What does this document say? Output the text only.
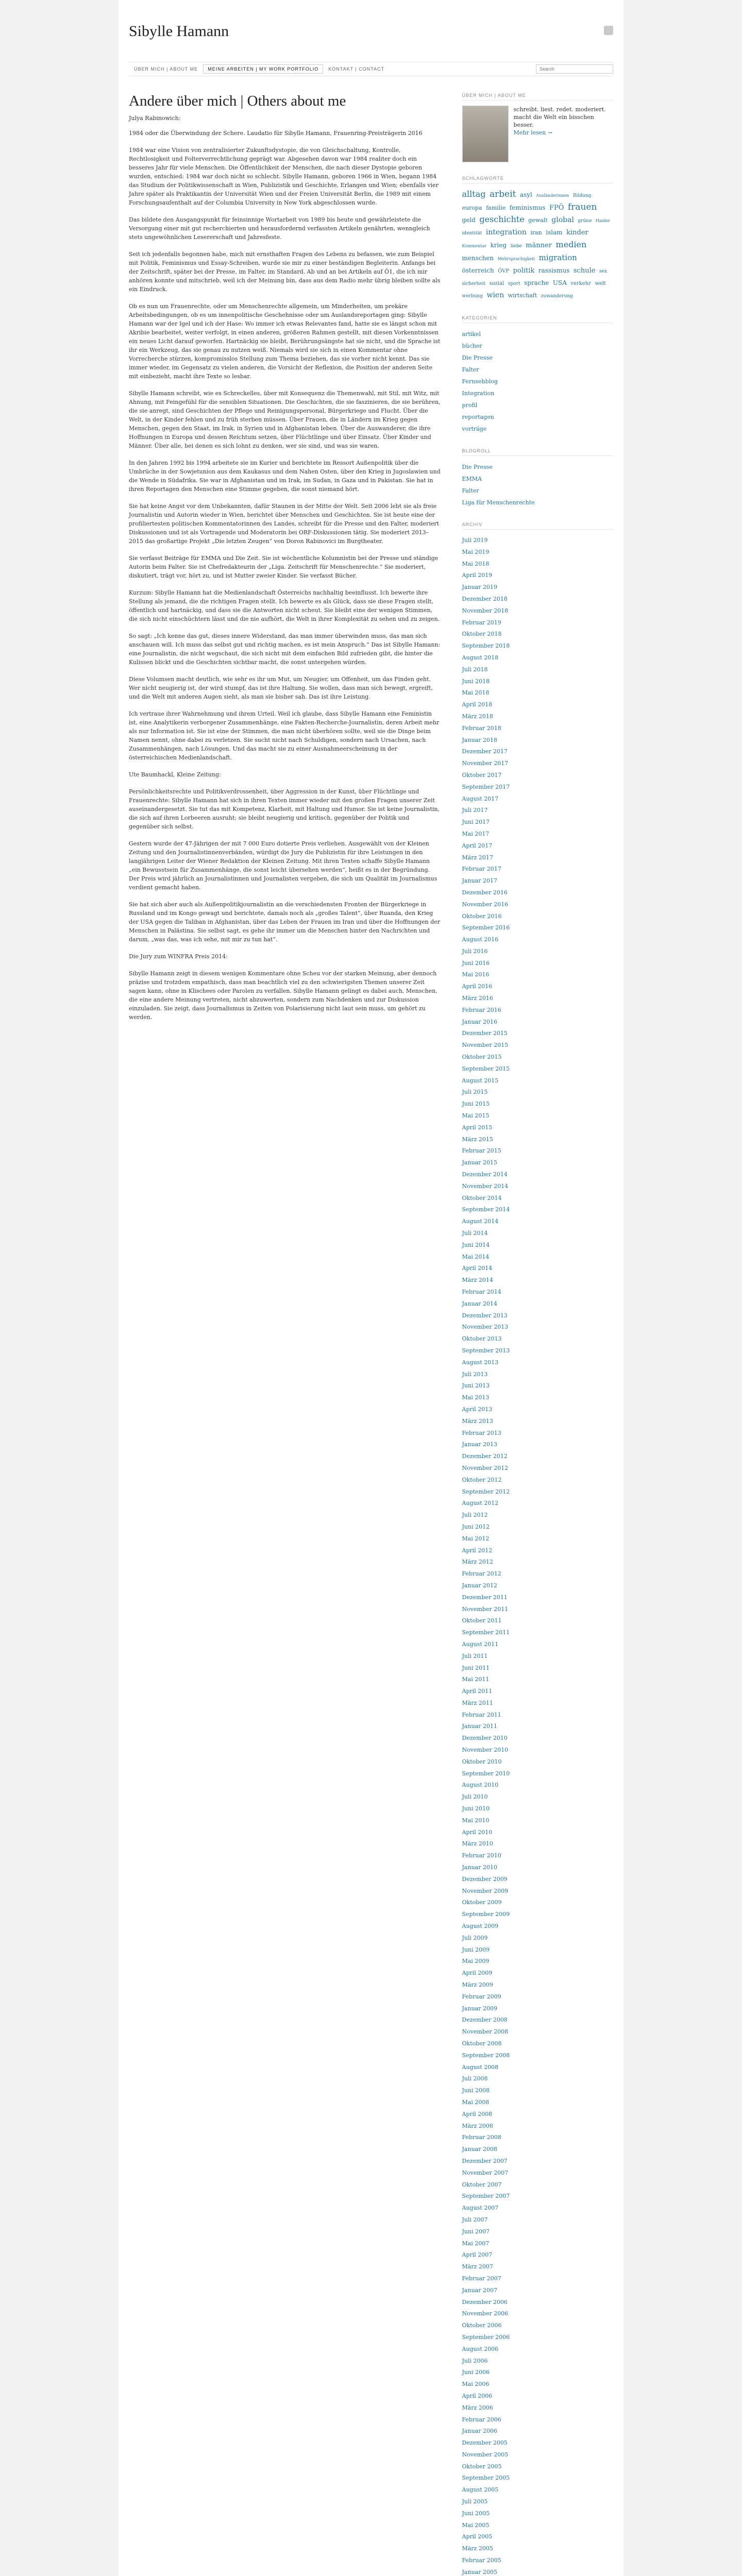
Sibylle Hamann
ÜBER MICH | ABOUT ME	MEINE ARBEITEN | MY WORK PORTFOLIO	KONTAKT | CONTACT
Search
Andere über mich | Others about me
Julya Rabinowich:

1984 oder die Überwindung der Schere. Laudatio für Sibylle Hamann, Frauenring-Preisträgerin 2016

1984 war eine Vision von zentralisierter Zukunftsdystopie, die von Gleichschaltung, Kontrolle, Rechtlosigkeit und Folterverrechtlichung geprägt war. Abgesehen davon war 1984 realiter doch ein besseres Jahr für viele Menschen. Die Öffentlichkeit der Menschen, die nach dieser Dystopie geboren wurden, entschied: 1984 war doch nicht so schlecht. Sibylle Hamann, geboren 1966 in Wien, begann 1984 das Studium der Politikwissenschaft in Wien, Publizistik und Geschichte, Erlangen und Wien; ebenfalls vier Jahre später als Praktikantin der Universität Wien und der Freien Universität Berlin, die 1989 mit einem Forschungsaufenthalt auf der Columbia University in New York abgeschlossen wurde.

Das bildete den Ausgangspunkt für feinsinnige Wortarbeit von 1989 bis heute und gewährleistete die Versorgung einer mit gut recherchierten und herausfordernd verfassten Artikeln genährten, wenngleich stets ungewöhnlichen Lesererschaft und Jahresfeste.

Seit ich jedenfalls begonnen habe, mich mit ernsthaften Fragen des Lebens zu befassen, wie zum Beispiel mit Politik, Feminismus und Essay-Schreiben, wurde sie mir zu einer beständigen Begleiterin. Anfangs bei der Zeitschrift, später bei der Presse, im Falter, im Standard. Ab und an bei Artikeln auf Ö1, die ich mir anhören konnte und mitschrieb, weil ich der Meinung bin, dass aus dem Radio mehr übrig bleiben sollte als ein Eindruck.

Ob es nun um Frauenrechte, oder um Menschenrechte allgemein, um Minderheiten, um prekäre Arbeitsbedingungen, ob es um innenpolitische Geschehnisse oder um Auslandsreportagen ging: Sibylle Hamann war der Igel und ich der Hase: Wo immer ich etwas Relevantes fand, hatte sie es längst schon mit Akribie bearbeitet, weiter verfolgt, in einen anderen, größeren Rahmen gestellt, mit diesen Vorkenntnissen ein neues Licht darauf geworfen. Hartnäckig sie bleibt, Berührungsängste hat sie nicht, und die Sprache ist ihr ein Werkzeug, das sie genau zu nutzen weiß. Niemals wird sie sich in einen Kommentar ohne Vorrecherche stürzen, kompromisslos Stellung zum Thema beziehen, das sie vorher nicht kennt. Das sie immer wieder, im Gegensatz zu vielen anderen, die Vorsicht der Reflexion, die Position der anderen Seite mit einbezieht, macht ihre Texte so lesbar.

Sibylle Hamann schreibt, wie es Schreckelles, über mit Konsequenz die Themenwahl, mit Stil, mit Witz, mit Ahnung, mit Feingefühl für die sensiblen Situationen. Die Geschichten, die sie faszinieren, die sie berühren, die sie anregt, sind Geschichten der Pflege und Reinigungspersonal, Bürgerkriege und Flucht. Über die Welt, in der Kinder fehlen und zu früh sterben müssen. Über Frauen, die in Ländern im Krieg gegen Menschen, gegen den Staat, im Irak, in Syrien und in Afghanistan leben. Über die Auswanderer, die ihre Hoffnungen in Europa und dessen Reichtum setzen, über Flüchtlinge und über Einsatz. Über Kinder und Männer. Über alle, bei denen es sich lohnt zu denken, wer sie sind, und was sie waren.

In den Jahren 1992 bis 1994 arbeitete sie im Kurier und berichtete im Ressort Außenpolitik über die Umbrüche in der Sowjetunion aus dem Kaukasus und dem Nahen Osten, über den Krieg in Jugoslawien und die Wende in Südafrika. Sie war in Afghanistan und im Irak, im Sudan, in Gaza und in Pakistan. Sie hat in ihren Reportagen den Menschen eine Stimme gegeben, die sonst niemand hört.

Sie hat keine Angst vor dem Unbekannten, dafür Staunen in der Mitte der Welt. Seit 2006 lebt sie als freie Journalistin und Autorin wieder in Wien, berichtet über Menschen und Geschichten. Sie ist heute eine der profiliertesten politischen Kommentatorinnen des Landes, schreibt für die Presse und den Falter, moderiert Diskussionen und ist als Vortragende und Moderatorin bei ORF-Diskussionen tätig. Sie moderiert 2013–2015 das großartige Projekt „Die letzten Zeugen“ von Doron Rabinovici im Burgtheater.

Sie verfasst Beiträge für EMMA und Die Zeit. Sie ist wöchentliche Kolumnistin bei der Presse und ständige Autorin beim Falter. Sie ist Chefredakteurin der „Liga. Zeitschrift für Menschenrechte.“ Sie moderiert, diskutiert, trägt vor, hört zu, und ist Mutter zweier Kinder. Sie verfasst Bücher.

Kurzum: Sibylle Hamann hat die Medienlandschaft Österreichs nachhaltig beeinflusst. Ich bewerte ihre Stellung als jemand, die die richtigen Fragen stellt. Ich bewerte es als Glück, dass sie diese Fragen stellt, öffentlich und hartnäckig, und dass sie die Antworten nicht scheut. Sie bleibt eine der wenigen Stimmen, die sich nicht einschüchtern lässt und die nie aufhört, die Welt in ihrer Komplexität zu sehen und zu zeigen.

So sagt: „Ich kenne das gut, dieses innere Widerstand, das man immer überwinden muss, das man sich anschauen will. Ich muss das selbst gut und richtig machen, es ist mein Anspruch.“ Das ist Sibylle Hamann: eine Journalistin, die nicht wegschaut, die sich nicht mit dem einfachen Bild zufrieden gibt, die hinter die Kulissen blickt und die Geschichten sichtbar macht, die sonst untergehen würden.

Diese Volumsen macht deutlich, wie sehr es ihr um Mut, um Neugier, um Offenheit, um das Finden geht. Wer nicht neugierig ist, der wird stumpf, das ist ihre Haltung. Sie wollen, dass man sich bewegt, ergreift, und die Welt mit anderen Augen sieht, als man sie bisher sah. Das ist ihre Leistung.

Ich vertraue ihrer Wahrnehmung und ihrem Urteil. Weil ich glaube, dass Sibylle Hamann eine Feministin ist, eine Analytikerin verborgener Zusammenhänge, eine Fakten-Recherche-Journalistin, deren Arbeit mehr als nur Information ist. Sie ist eine der Stimmen, die man nicht überhören sollte, weil sie die Dinge beim Namen nennt, ohne dabei zu verletzen. Sie sucht nicht nach Schuldigen, sondern nach Ursachen, nach Zusammenhängen, nach Lösungen. Und das macht sie zu einer Ausnahmeerscheinung in der österreichischen Medienlandschaft.

Ute Baumhackl, Kleine Zeitung:

Persönlichkeitsrechte und Politikverdrossenheit, über Aggression in der Kunst, über Flüchtlinge und Frauenrechte: Sibylle Hamann hat sich in ihren Texten immer wieder mit den großen Fragen unserer Zeit auseinandergesetzt. Sie tut das mit Kompetenz, Klarheit, mit Haltung und Humor. Sie ist keine Journalistin, die sich auf ihren Lorbeeren ausruht; sie bleibt neugierig und kritisch, gegenüber der Politik und gegenüber sich selbst.

Gestern wurde der 47-Jährigen der mit 7 000 Euro dotierte Preis verliehen. Ausgewählt von der Kleinen Zeitung und den Journalistinnenverbänden, würdigt die Jury die Publizistin für ihre Leistungen in den langjährigen Leiter der Wiener Redaktion der Kleinen Zeitung. Mit ihren Texten schaffe Sibylle Hamann „ein Bewusstsein für Zusammenhänge, die sonst leicht übersehen werden“, heißt es in der Begründung. Der Preis wird jährlich an Journalistinnen und Journalisten vergeben, die sich um Qualität im Journalismus verdient gemacht haben.

Sie hat sich aber auch als Außenpolitikjournalistin an die verschiedensten Fronten der Bürgerkriege in Russland und im Kongo gewagt und berichtete, damals noch als „großes Talent“, über Ruanda, den Krieg der USA gegen die Taliban in Afghanistan, über das Leben der Frauen im Iran und über die Hoffnungen der Menschen in Palästina. Sie selbst sagt, es gehe ihr immer um die Menschen hinter den Nachrichten und darum, „was das, was ich sehe, mit mir zu tun hat“.

Die Jury zum WINFRA Preis 2014:

Sibylle Hamann zeigt in diesem wenigen Kommentare ohne Scheu vor der starken Meinung, aber dennoch präzise und trotzdem empathisch, dass man beachtlich viel zu den schwierigsten Themen unserer Zeit sagen kann, ohne in Klischees oder Parolen zu verfallen. Sibylle Hamann gelingt es dabei auch, Menschen, die eine andere Meinung vertreten, nicht abzuwerten, sondern zum Nachdenken und zur Diskussion einzuladen. Sie zeigt, dass Journalismus in Zeiten von Polarisierung nicht laut sein muss, um gehört zu werden.

ÜBER MICH | ABOUT ME
schreibt. liest. redet. moderiert. macht die Welt ein bisschen besser.
Mehr lesen →
SCHLAGWORTE
alltag arbeit asyl Ausländerinnen Bildung europa familie feminismus FPÖ frauen geld geschichte gewalt global grüne Haider identität integration iran islam kinder Kommentar krieg liebe männer medien menschen Mehrsprachigkeit migration österreich ÖVP politik rassismus schule sex sicherheit sozial sport sprache USA verkehr welt werbung wien wirtschaft zuwanderung
KATEGORIEN
artikel
bücher
Die Presse
Falter
Fernsehblog
Integration
profil
reportagen
vorträge
BLOGROLL
Die Presse
EMMA
Falter
Liga für Menschenrechte
ARCHIV
Juli 2019
Mai 2019
Mai 2018
April 2019
Januar 2019
Dezember 2018
November 2018
Februar 2019
Oktober 2018
September 2018
August 2018
Juli 2018
Juni 2018
Mai 2018
April 2018
März 2018
Februar 2018
Januar 2018
Dezember 2017
November 2017
Oktober 2017
September 2017
August 2017
Juli 2017
Juni 2017
Mai 2017
April 2017
März 2017
Februar 2017
Januar 2017
Dezember 2016
November 2016
Oktober 2016
September 2016
August 2016
Juli 2016
Juni 2016
Mai 2016
April 2016
März 2016
Februar 2016
Januar 2016
Dezember 2015
November 2015
Oktober 2015
September 2015
August 2015
Juli 2015
Juni 2015
Mai 2015
April 2015
März 2015
Februar 2015
Januar 2015
Dezember 2014
November 2014
Oktober 2014
September 2014
August 2014
Juli 2014
Juni 2014
Mai 2014
April 2014
März 2014
Februar 2014
Januar 2014
Dezember 2013
November 2013
Oktober 2013
September 2013
August 2013
Juli 2013
Juni 2013
Mai 2013
April 2013
März 2013
Februar 2013
Januar 2013
Dezember 2012
November 2012
Oktober 2012
September 2012
August 2012
Juli 2012
Juni 2012
Mai 2012
April 2012
März 2012
Februar 2012
Januar 2012
Dezember 2011
November 2011
Oktober 2011
September 2011
August 2011
Juli 2011
Juni 2011
Mai 2011
April 2011
März 2011
Februar 2011
Januar 2011
Dezember 2010
November 2010
Oktober 2010
September 2010
August 2010
Juli 2010
Juni 2010
Mai 2010
April 2010
März 2010
Februar 2010
Januar 2010
Dezember 2009
November 2009
Oktober 2009
September 2009
August 2009
Juli 2009
Juni 2009
Mai 2009
April 2009
März 2009
Februar 2009
Januar 2009
Dezember 2008
November 2008
Oktober 2008
September 2008
August 2008
Juli 2008
Juni 2008
Mai 2008
April 2008
März 2008
Februar 2008
Januar 2008
Dezember 2007
November 2007
Oktober 2007
September 2007
August 2007
Juli 2007
Juni 2007
Mai 2007
April 2007
März 2007
Februar 2007
Januar 2007
Dezember 2006
November 2006
Oktober 2006
September 2006
August 2006
Juli 2006
Juni 2006
Mai 2006
April 2006
März 2006
Februar 2006
Januar 2006
Dezember 2005
November 2005
Oktober 2005
September 2005
August 2005
Juli 2005
Juni 2005
Mai 2005
April 2005
März 2005
Februar 2005
Januar 2005
